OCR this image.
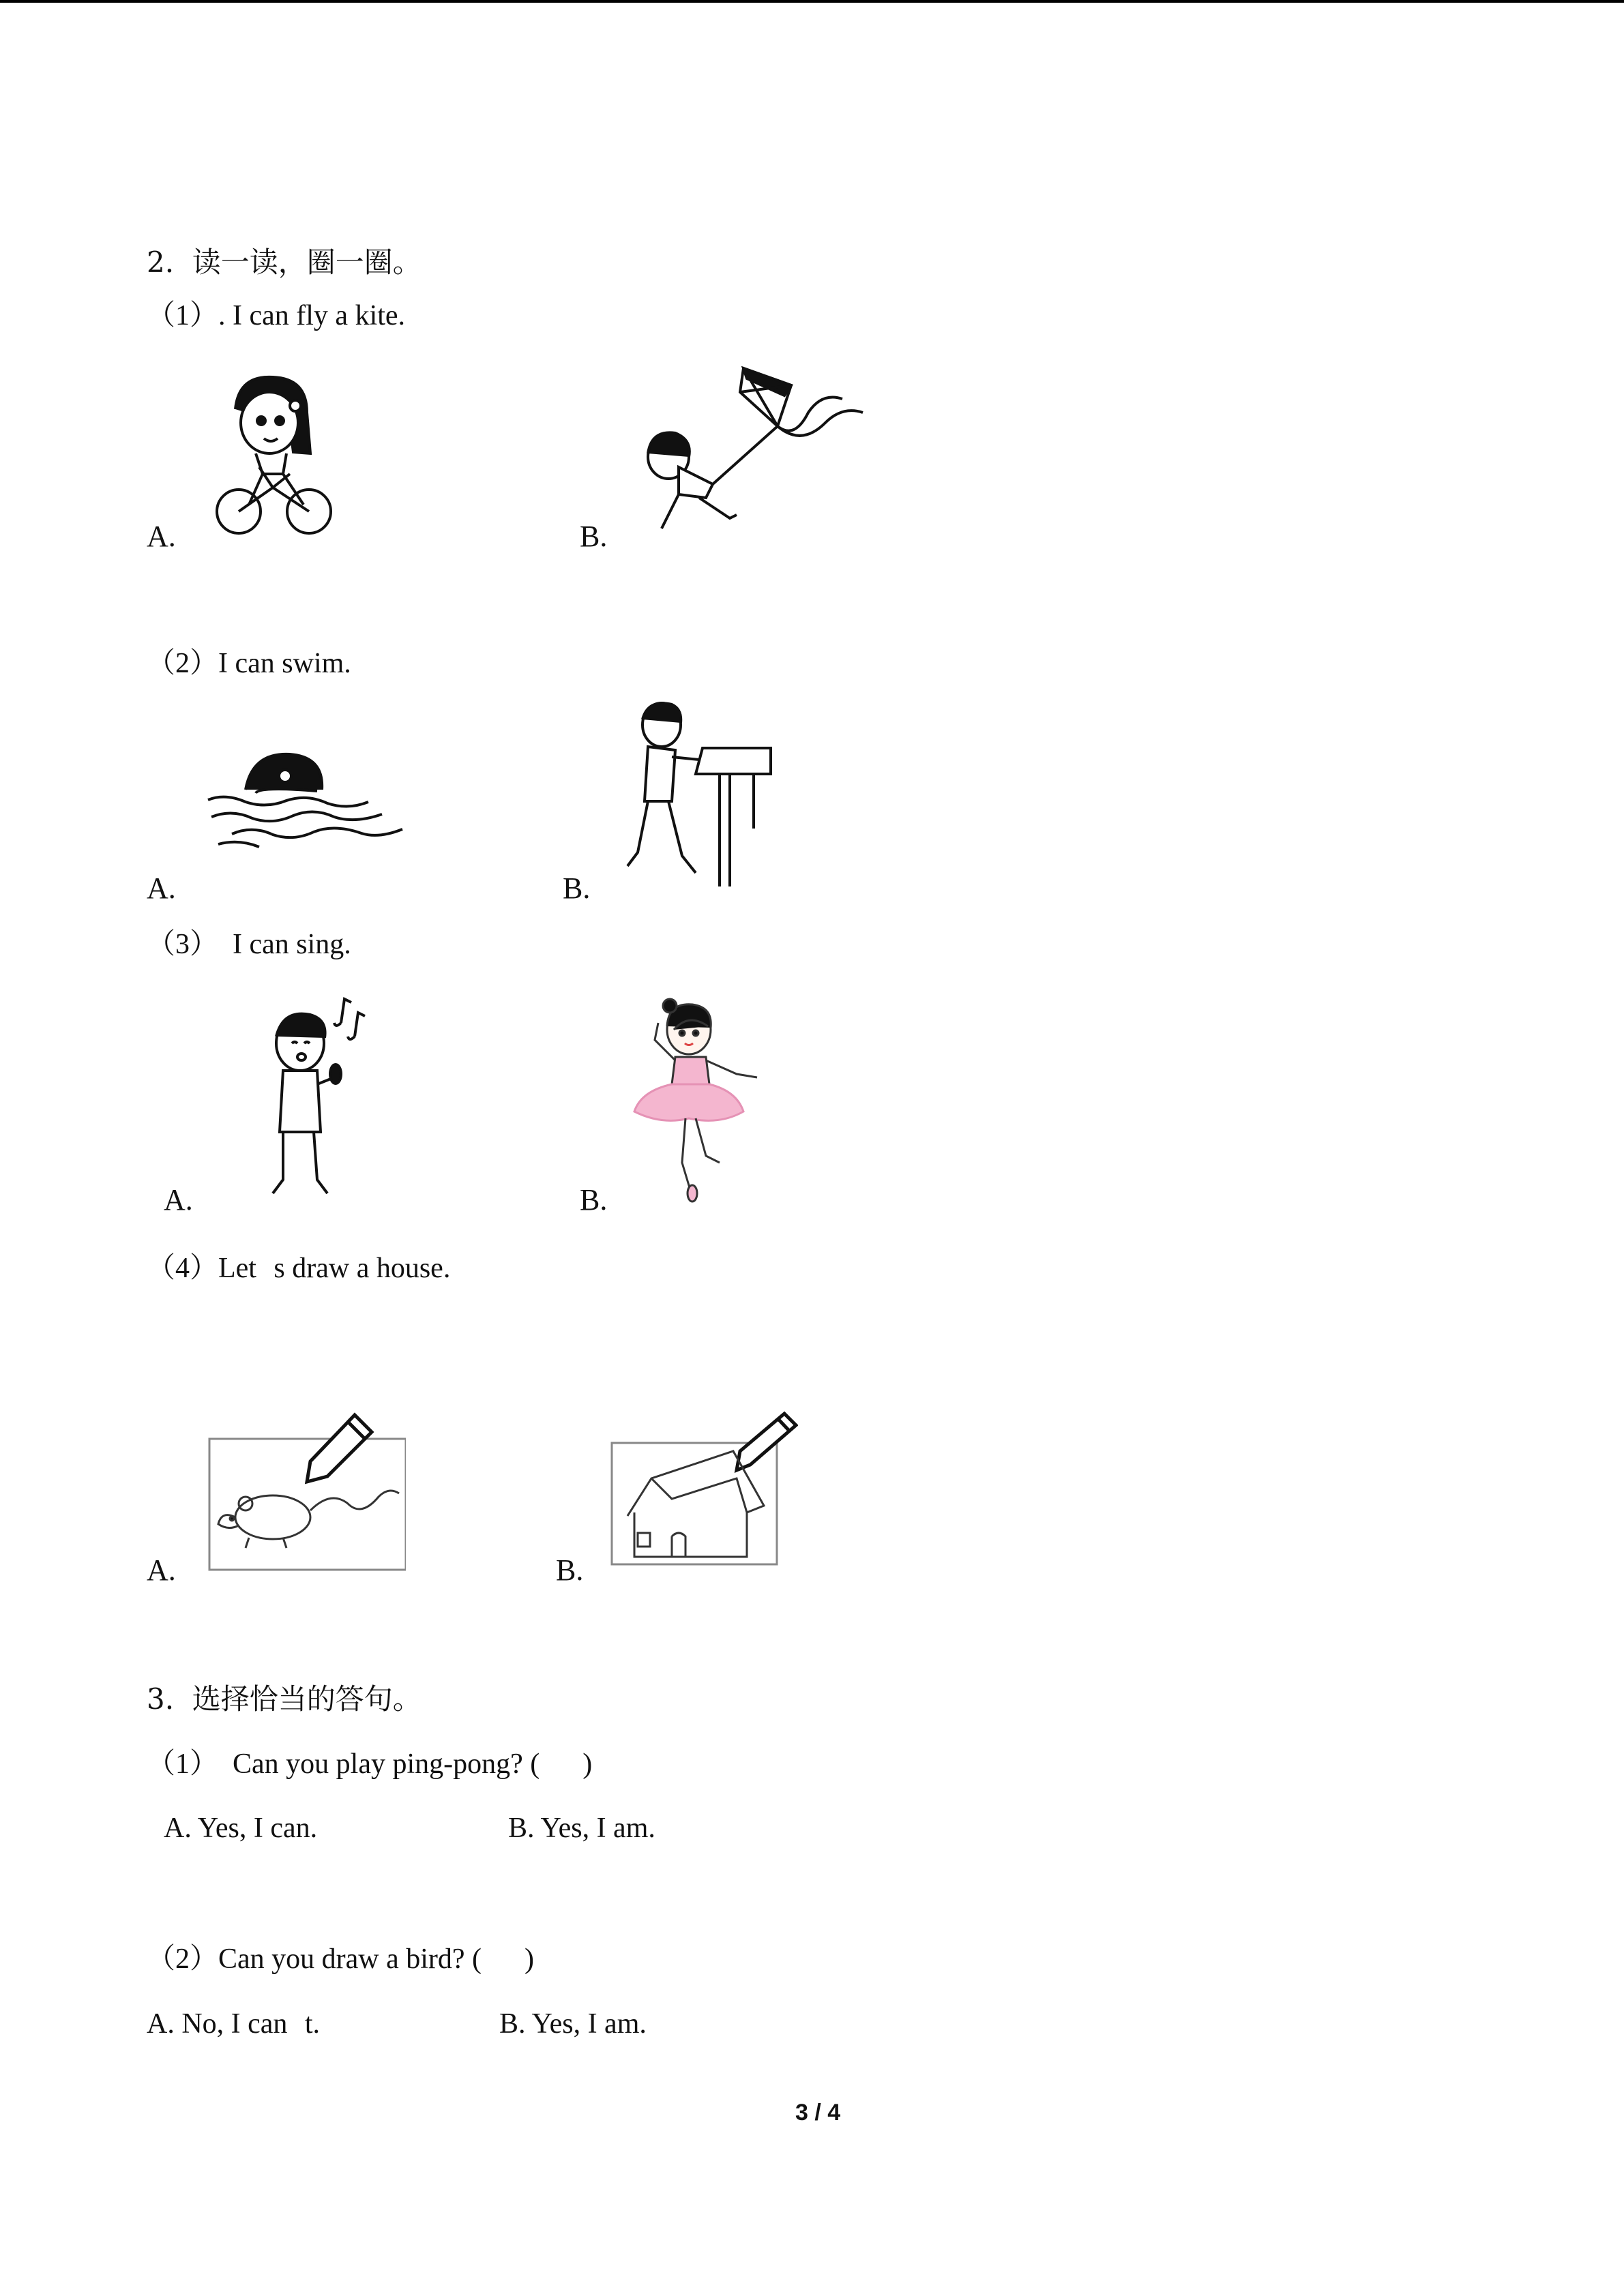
2.  读一读，圈一圈。
（1）. I can fly a kite.
A.	B.
（2）I can swim.
A.	B.
（3）  I can sing.
A.	B.
（4）Lets draw a house.
A.	B.
3.  选择恰当的答句。
（1）  Can you play ping-pong? (      )
A. Yes, I can.	B. Yes, I am.
（2）Can you draw a bird? (      )
A. No, I cant.	B. Yes, I am.
3 / 4
